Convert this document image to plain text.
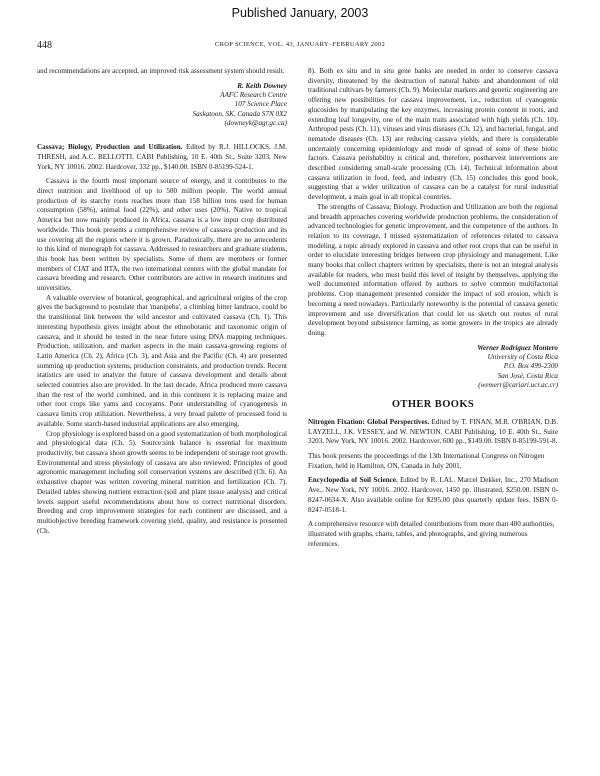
Published January, 2003
448	CROP SCIENCE, VOL. 43, JANUARY–FEBRUARY 2002

and recommendations are accepted, an improved risk assessment system should result.

R. Keith Downey
AAFC Research Centre
107 Science Place
Saskatoon, SK, Canada S7N 0X2
(downeyk@agr.gc.ca)

Cassava; Biology, Production and Utilization. Edited by R.J. HILLOCKS, J.M. THRESH, and A.C. BELLOTTI. CABI Publishing, 10 E. 40th St., Suite 3203, New York, NY 10016. 2002. Hardcover, 332 pp., $140.00. ISBN 0-85199-524-1.

Cassava is the fourth most important source of energy, and it contributes to the direct nutrition and livelihood of up to 500 million people. The world annual production of its starchy roots reaches more than 158 billion tons used for human consumption (58%), animal food (22%), and other uses (20%). Native to tropical America but now mainly produced in Africa, cassava is a low input crop distributed worldwide. This book presents a comprehensive review of cassava production and its use covering all the regions where it is grown. Paradoxically, there are no antecedents to this kind of monograph for cassava. Addressed to researchers and graduate students, this book has been written by specialists. Some of them are members or former members of CIAT and IITA, the two international centers with the global mandate for cassava breeding and research. Other contributors are active in research institutes and universities.

A valuable overview of botanical, geographical, and agricultural origins of the crop gives the background to postulate that 'manipeba', a climbing bitter landrace, could be the transitional link between the wild ancestor and cultivated cassava (Ch. 1). This interesting hypothesis gives insight about the ethnobotanic and taxonomic origin of cassava, and it should be tested in the near future using DNA mapping techniques. Production, utilization, and market aspects in the main cassava-growing regions of Latin America (Ch. 2), Africa (Ch. 3), and Asia and the Pacific (Ch. 4) are presented summing up production systems, production constraints, and production trends. Recent statistics are used to analyze the future of cassava development and details about selected countries also are provided. In the last decade, Africa produced more cassava than the rest of the world combined, and in this continent it is replacing maize and other root crops like yams and cocoyams. Poor understanding of cyanogenesis in cassava limits crop utilization. Nevertheless, a very broad palette of processed food is available. Some starch-based industrial applications are also emerging.

Crop physiology is explored based on a good systematization of both morphological and physiological data (Ch. 5). Source:sink balance is essential for maximum productivity, but cassava shoot growth seems to be independent of storage root growth. Environmental and stress physiology of cassava are also reviewed. Principles of good agronomic management including soil conservation systems are described (Ch. 6). An exhaustive chapter was written covering mineral nutrition and fertilization (Ch. 7). Detailed tables showing nutrient extraction (soil and plant tissue analysis) and critical levels support useful recommendations about how to correct nutritional disorders. Breeding and crop improvement strategies for each continent are discussed, and a multiobjective breeding framework covering yield, quality, and resistance is presented (Ch.

8). Both ex situ and in situ gene banks are needed in order to conserve cassava diversity, threatened by the destruction of natural habits and abandonment of old traditional cultivars by farmers (Ch. 9). Molecular markers and genetic engineering are offering new possibilities for cassava improvement, i.e., reduction of cyanogenic glucosides by manipulating the key enzymes, increasing protein content in roots, and extending leaf longevity, one of the main traits associated with high yields (Ch. 10). Arthropod pests (Ch. 11), viruses and virus diseases (Ch. 12), and bacterial, fungal, and nematode diseases (Ch. 13) are reducing cassava yields, and there is considerable uncertainly concerning epidemiology and mode of spread of some of these biotic factors. Cassava perishability is critical and, therefore, postharvest interventions are described considering small-scale processing (Ch. 14). Technical information about cassava utilization in food, feed, and industry (Ch. 15) concludes this good book, suggesting that a wider utilization of cassava can be a catalyst for rural industrial development, a main goal in all tropical countries.

The strengths of Cassava; Biology, Production and Utilization are both the regional and breadth approaches covering worldwide production problems, the consideration of advanced technologies for genetic improvement, and the competence of the authors. In relation to its coverage, I missed systematization of references related to cassava modeling, a topic already explored in cassava and other root crops that can be useful in order to elucidate interesting bridges between crop physiology and management. Like many books that collect chapters written by specialists, there is not an integral analysis available for readers, who must build this level of insight by themselves, applying the well documented information offered by authors to solve common multifactorial problems. Crop management presented consider the impact of soil erosion, which is becoming a need nowadays. Particularly noteworthy is the potential of cassava genetic improvement and use diversification that could let us sketch out routes of rural development beyond subsistence farming, as some growers in the tropics are already doing.

Werner Rodríguez Montero
University of Costa Rica
P.O. Box 499-2300
San José, Costa Rica
(wemerr@cariari.ucr.ac.cr)
OTHER BOOKS

Nitrogen Fixation: Global Perspectives. Edited by T. FINAN, M.R. O'BRIAN, D.B. LAYZELL, J.K. VESSEY, and W. NEWTON. CABI Publishing, 10 E. 40th St., Suite 3203, New York, NY 10016. 2002. Hardcover, 600 pp., $149.00. ISBN 0-85199-591-8.

This book presents the proceedings of the 13th International Congress on Nitrogen Fixation, held in Hamilton, ON, Canada in July 2001.

Encyclopedia of Soil Science. Edited by R. LAL. Marcel Dekker, Inc., 270 Madison Ave., New York, NY 10016. 2002. Hardcover, 1450 pp. illustrated, $250.00. ISBN 0-8247-0634-X. Also available online for $295.00 plus quarterly update fees. ISBN 0-8247-0518-1.

A comprehensive resource with detailed contributions from more than 400 authorities, illustrated with graphs, charts, tables, and photographs, and giving numerous references.
